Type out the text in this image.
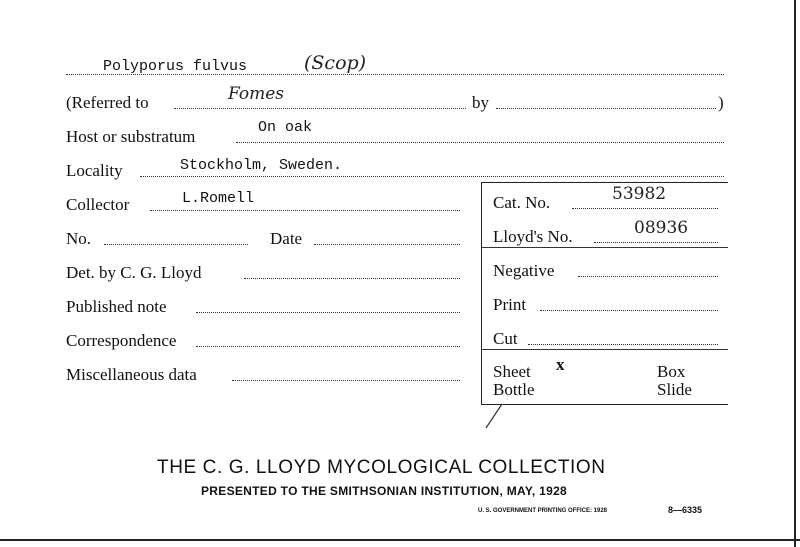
Polyporus fulvus	(Scop)
(Referred to	Fomes	by	)
Host or substratum	On oak
Locality	Stockholm, Sweden.
Collector	L.Romell
No.	Date
Det. by C. G. Lloyd
Published note
Correspondence
Miscellaneous data
Cat. No.	53982
Lloyd's No.	08936
Negative
Print
Cut
Sheet x	Box
Bottle	Slide
THE C. G. LLOYD MYCOLOGICAL COLLECTION
PRESENTED TO THE SMITHSONIAN INSTITUTION, MAY, 1928
U. S. GOVERNMENT PRINTING OFFICE: 1928	8—6335
